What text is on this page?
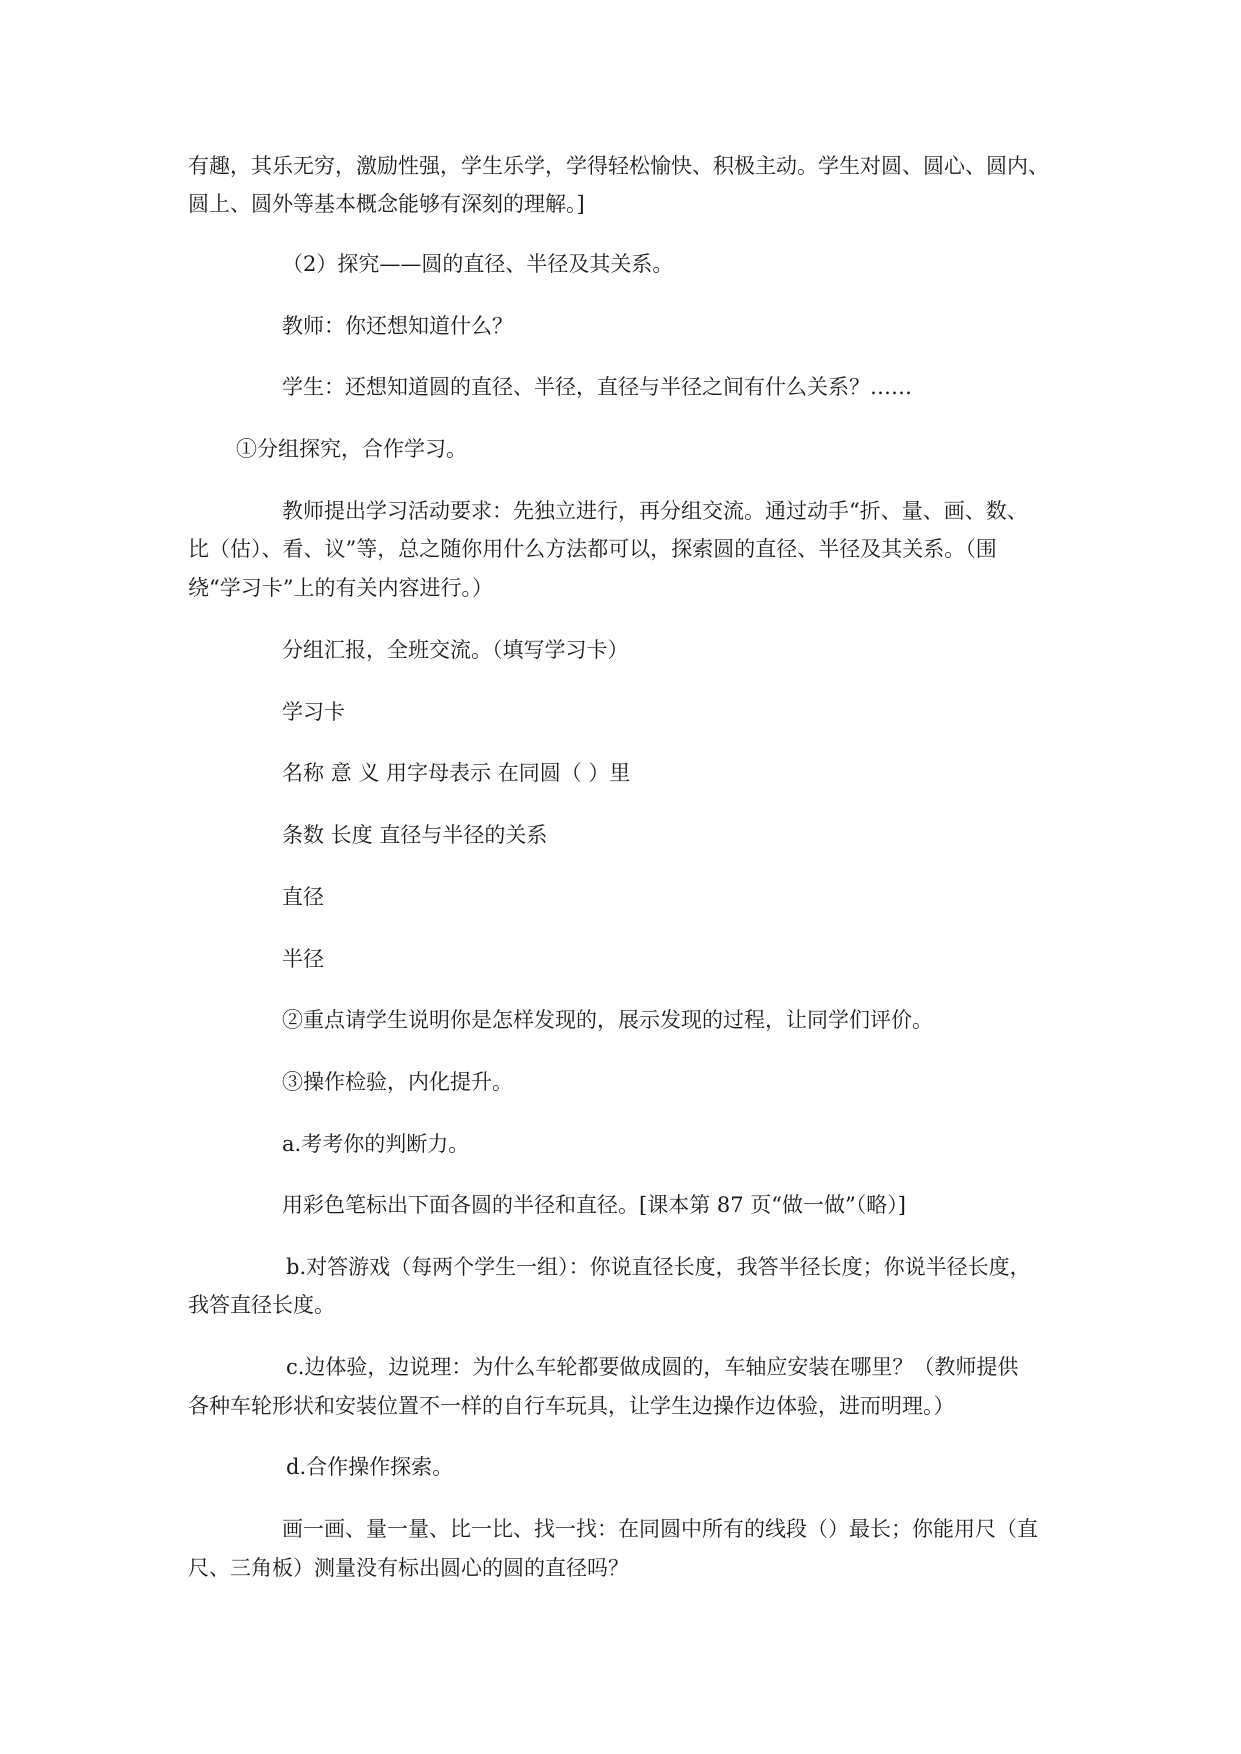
有趣，其乐无穷，激励性强，学生乐学，学得轻松愉快、积极主动。学生对圆、圆心、圆内、
圆上、圆外等基本概念能够有深刻的理解。]
（2）探究——圆的直径、半径及其关系。
教师：你还想知道什么？
学生：还想知道圆的直径、半径，直径与半径之间有什么关系？……
①分组探究，合作学习。
教师提出学习活动要求：先独立进行，再分组交流。通过动手“折、量、画、数、
比（估）、看、议”等，总之随你用什么方法都可以，探索圆的直径、半径及其关系。（围
绕“学习卡”上的有关内容进行。）
分组汇报，全班交流。（填写学习卡）
学习卡
名称 意 义 用字母表示 在同圆（ ）里
条数 长度 直径与半径的关系
直径
半径
②重点请学生说明你是怎样发现的，展示发现的过程，让同学们评价。
③操作检验，内化提升。
a.考考你的判断力。
用彩色笔标出下面各圆的半径和直径。[课本第 87 页“做一做”（略）]
b.对答游戏（每两个学生一组）：你说直径长度，我答半径长度；你说半径长度，
我答直径长度。
c.边体验，边说理：为什么车轮都要做成圆的，车轴应安装在哪里？（教师提供
各种车轮形状和安装位置不一样的自行车玩具，让学生边操作边体验，进而明理。）
d.合作操作探索。
画一画、量一量、比一比、找一找：在同圆中所有的线段（）最长；你能用尺（直
尺、三角板）测量没有标出圆心的圆的直径吗？
